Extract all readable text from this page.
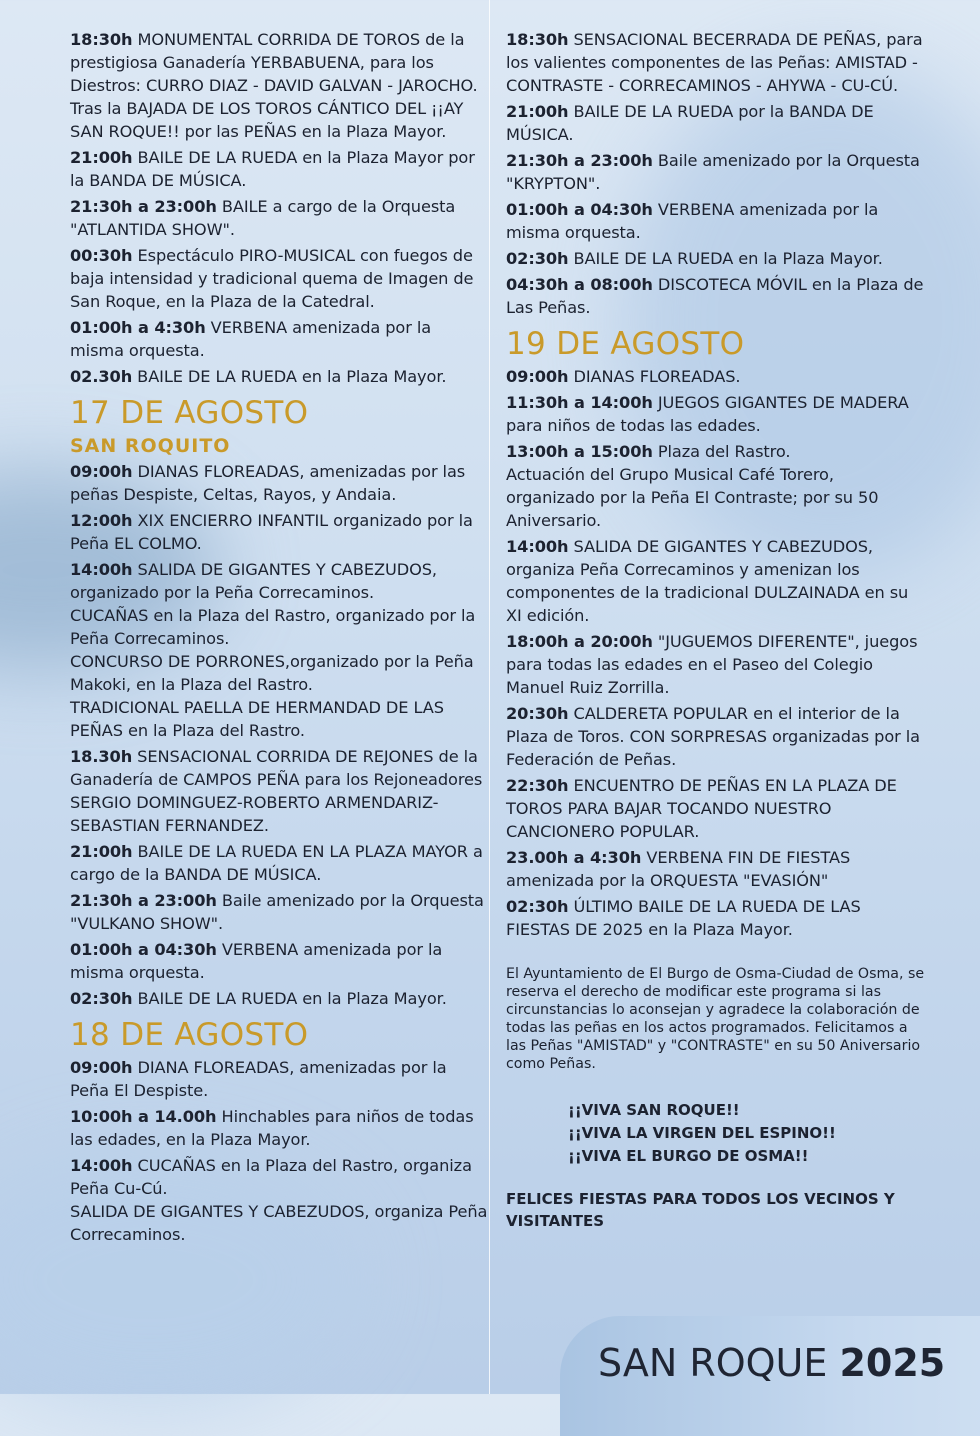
18:30h MONUMENTAL CORRIDA DE TOROS de la prestigiosa Ganadería YERBABUENA, para los Diestros: CURRO DIAZ - DAVID GALVAN - JAROCHO.
Tras la BAJADA DE LOS TOROS CÁNTICO DEL ¡¡AY SAN ROQUE!! por las PEÑAS en la Plaza Mayor.
21:00h BAILE DE LA RUEDA en la Plaza Mayor por la BANDA DE MÚSICA.
21:30h a 23:00h BAILE a cargo de la Orquesta "ATLANTIDA SHOW".
00:30h Espectáculo PIRO-MUSICAL con fuegos de baja intensidad y tradicional quema de Imagen de San Roque, en la Plaza de la Catedral.
01:00h a 4:30h VERBENA amenizada por la misma orquesta.
02.30h BAILE DE LA RUEDA en la Plaza Mayor.
17 DE AGOSTO
SAN ROQUITO
09:00h DIANAS FLOREADAS, amenizadas por las peñas Despiste, Celtas, Rayos, y Andaia.
12:00h XIX ENCIERRO INFANTIL organizado por la Peña EL COLMO.
14:00h SALIDA DE GIGANTES Y CABEZUDOS, organizado por la Peña Correcaminos.
CUCAÑAS en la Plaza del Rastro, organizado por la Peña Correcaminos.
CONCURSO DE PORRONES,organizado por la Peña Makoki, en la Plaza del Rastro.
TRADICIONAL PAELLA DE HERMANDAD DE LAS PEÑAS en la Plaza del Rastro.
18.30h SENSACIONAL CORRIDA DE REJONES de la Ganadería de CAMPOS PEÑA para los Rejoneadores SERGIO DOMINGUEZ-ROBERTO ARMENDARIZ-SEBASTIAN FERNANDEZ.
21:00h BAILE DE LA RUEDA EN LA PLAZA MAYOR a cargo de la BANDA DE MÚSICA.
21:30h a 23:00h Baile amenizado por la Orquesta "VULKANO SHOW".
01:00h a 04:30h VERBENA amenizada por la misma orquesta.
02:30h BAILE DE LA RUEDA en la Plaza Mayor.
18 DE AGOSTO
09:00h DIANA FLOREADAS, amenizadas por la Peña El Despiste.
10:00h a 14.00h Hinchables para niños de todas las edades, en la Plaza Mayor.
14:00h CUCAÑAS en la Plaza del Rastro, organiza Peña Cu-Cú.
SALIDA DE GIGANTES Y CABEZUDOS, organiza Peña Correcaminos.
18:30h SENSACIONAL BECERRADA DE PEÑAS, para los valientes componentes de las Peñas: AMISTAD - CONTRASTE - CORRECAMINOS - AHYWA - CU-CÚ.
21:00h BAILE DE LA RUEDA por la BANDA DE MÚSICA.
21:30h a 23:00h Baile amenizado por la Orquesta "KRYPTON".
01:00h a 04:30h VERBENA amenizada por la misma orquesta.
02:30h BAILE DE LA RUEDA en la Plaza Mayor.
04:30h a 08:00h DISCOTECA MÓVIL en la Plaza de Las Peñas.
19 DE AGOSTO
09:00h DIANAS FLOREADAS.
11:30h a 14:00h JUEGOS GIGANTES DE MADERA para niños de todas las edades.
13:00h a 15:00h Plaza del Rastro.
Actuación del Grupo Musical Café Torero, organizado por la Peña El Contraste; por su 50 Aniversario.
14:00h SALIDA DE GIGANTES Y CABEZUDOS, organiza Peña Correcaminos y amenizan los componentes de la tradicional DULZAINADA en su XI edición.
18:00h a 20:00h "JUGUEMOS DIFERENTE", juegos para todas las edades en el Paseo del Colegio Manuel Ruiz Zorrilla.
20:30h CALDERETA POPULAR en el interior de la Plaza de Toros. CON SORPRESAS organizadas por la Federación de Peñas.
22:30h ENCUENTRO DE PEÑAS EN LA PLAZA DE TOROS PARA BAJAR TOCANDO NUESTRO CANCIONERO POPULAR.
23.00h a 4:30h VERBENA FIN DE FIESTAS amenizada por la ORQUESTA "EVASIÓN"
02:30h ÚLTIMO BAILE DE LA RUEDA DE LAS FIESTAS DE 2025 en la Plaza Mayor.

El Ayuntamiento de El Burgo de Osma-Ciudad de Osma, se reserva el derecho de modificar este programa si las circunstancias lo aconsejan y agradece la colaboración de todas las peñas en los actos programados. Felicitamos a las Peñas "AMISTAD" y "CONTRASTE" en su 50 Aniversario como Peñas.

¡¡VIVA SAN ROQUE!!
¡¡VIVA LA VIRGEN DEL ESPINO!!
¡¡VIVA EL BURGO DE OSMA!!
FELICES FIESTAS PARA TODOS LOS VECINOS Y VISITANTES
SAN ROQUE 2025
